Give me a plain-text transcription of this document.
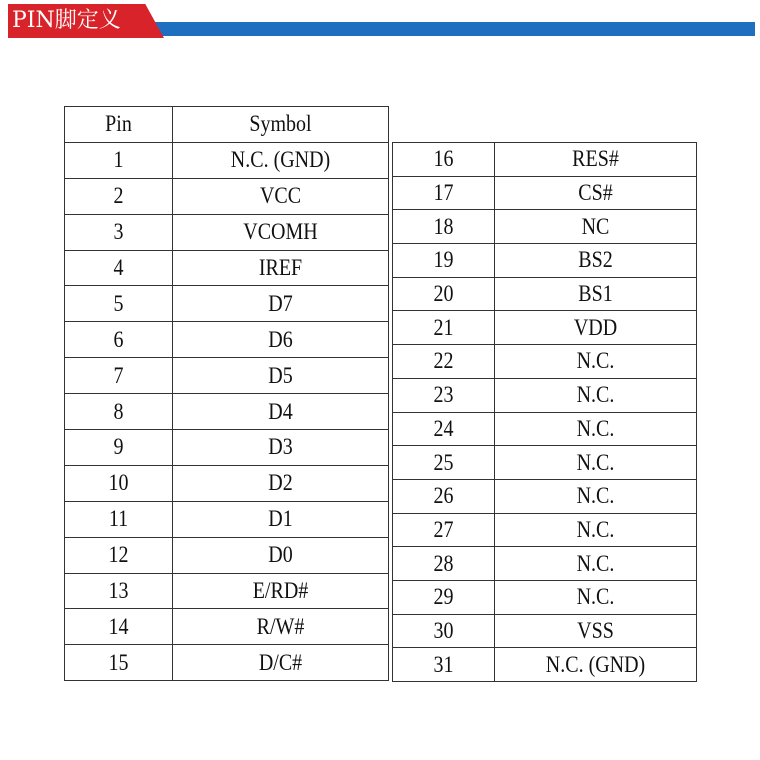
PIN脚定义
Pin	Symbol
1	N.C. (GND)
2	VCC
3	VCOMH
4	IREF
5	D7
6	D6
7	D5
8	D4
9	D3
10	D2
11	D1
12	D0
13	E/RD#
14	R/W#
15	D/C#
16	RES#
17	CS#
18	NC
19	BS2
20	BS1
21	VDD
22	N.C.
23	N.C.
24	N.C.
25	N.C.
26	N.C.
27	N.C.
28	N.C.
29	N.C.
30	VSS
31	N.C. (GND)
